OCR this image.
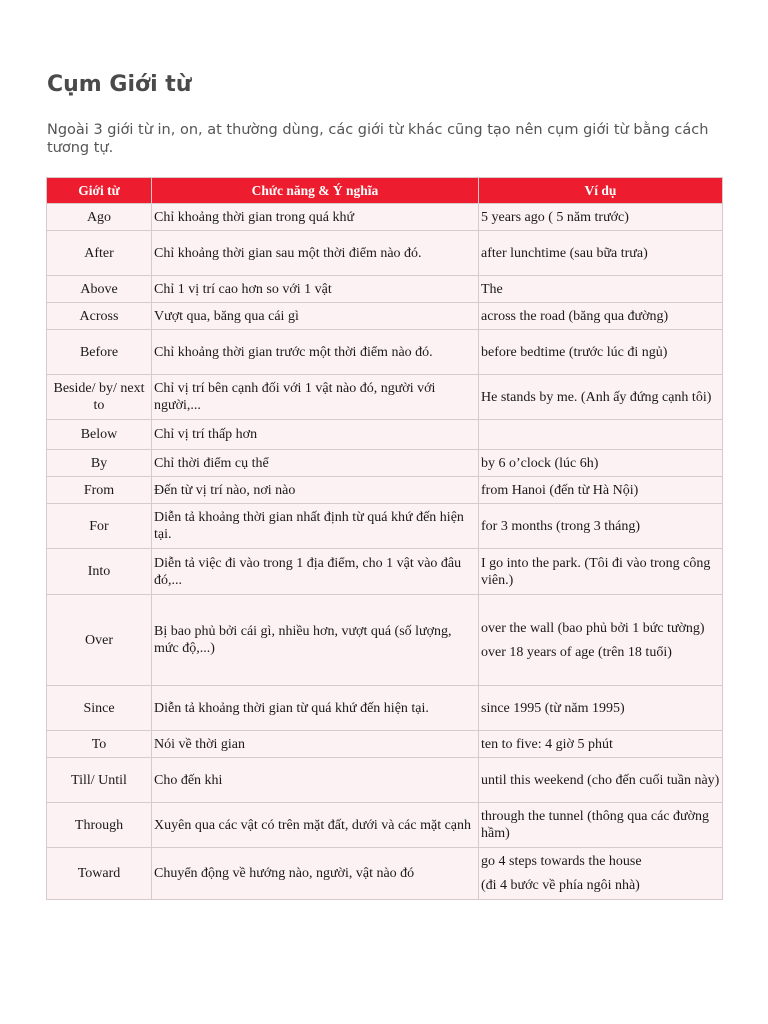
Cụm Giới từ

Ngoài 3 giới từ in, on, at thường dùng, các giới từ khác cũng tạo nên cụm giới từ bằng cách tương tự.

Giới từ	Chức năng & Ý nghĩa	Ví dụ
Ago	Chỉ khoảng thời gian trong quá khứ	5 years ago ( 5 năm trước)

After	Chỉ khoảng thời gian sau một thời điểm nào đó.	after lunchtime (sau bữa trưa)

Above	Chỉ 1 vị trí cao hơn so với 1 vật	The

Across	Vượt qua, băng qua cái gì	across the road (băng qua đường)

Before	Chỉ khoảng thời gian trước một thời điểm nào đó.	before bedtime (trước lúc đi ngủ)

Beside/ by/ next to	Chỉ vị trí bên cạnh đối với 1 vật nào đó, người với người,...	He stands by me. (Anh ấy đứng cạnh tôi)

Below	Chỉ vị trí thấp hơn	

By	Chỉ thời điểm cụ thể	by 6 o’clock (lúc 6h)

From	Đến từ vị trí nào, nơi nào	from Hanoi (đến từ Hà Nội)

For	Diễn tả khoảng thời gian nhất định từ quá khứ đến hiện tại.	for 3 months (trong 3 tháng)

Into	Diễn tả việc đi vào trong 1 địa điểm, cho 1 vật vào đâu đó,...	I go into the park. (Tôi đi vào trong công viên.)

Over	Bị bao phủ bởi cái gì, nhiều hơn, vượt quá (số lượng, mức độ,...)	over the wall (bao phủ bởi 1 bức tường)
over 18 years of age (trên 18 tuổi)

Since	Diễn tả khoảng thời gian từ quá khứ đến hiện tại.	since 1995 (từ năm 1995)

To	Nói về thời gian	ten to five: 4 giờ 5 phút

Till/ Until	Cho đến khi	until this weekend (cho đến cuối tuần này)

Through	Xuyên qua các vật có trên mặt đất, dưới và các mặt cạnh	through the tunnel (thông qua các đường hầm)

Toward	Chuyển động về hướng nào, người, vật nào đó	go 4 steps towards the house
(đi 4 bước về phía ngôi nhà)
